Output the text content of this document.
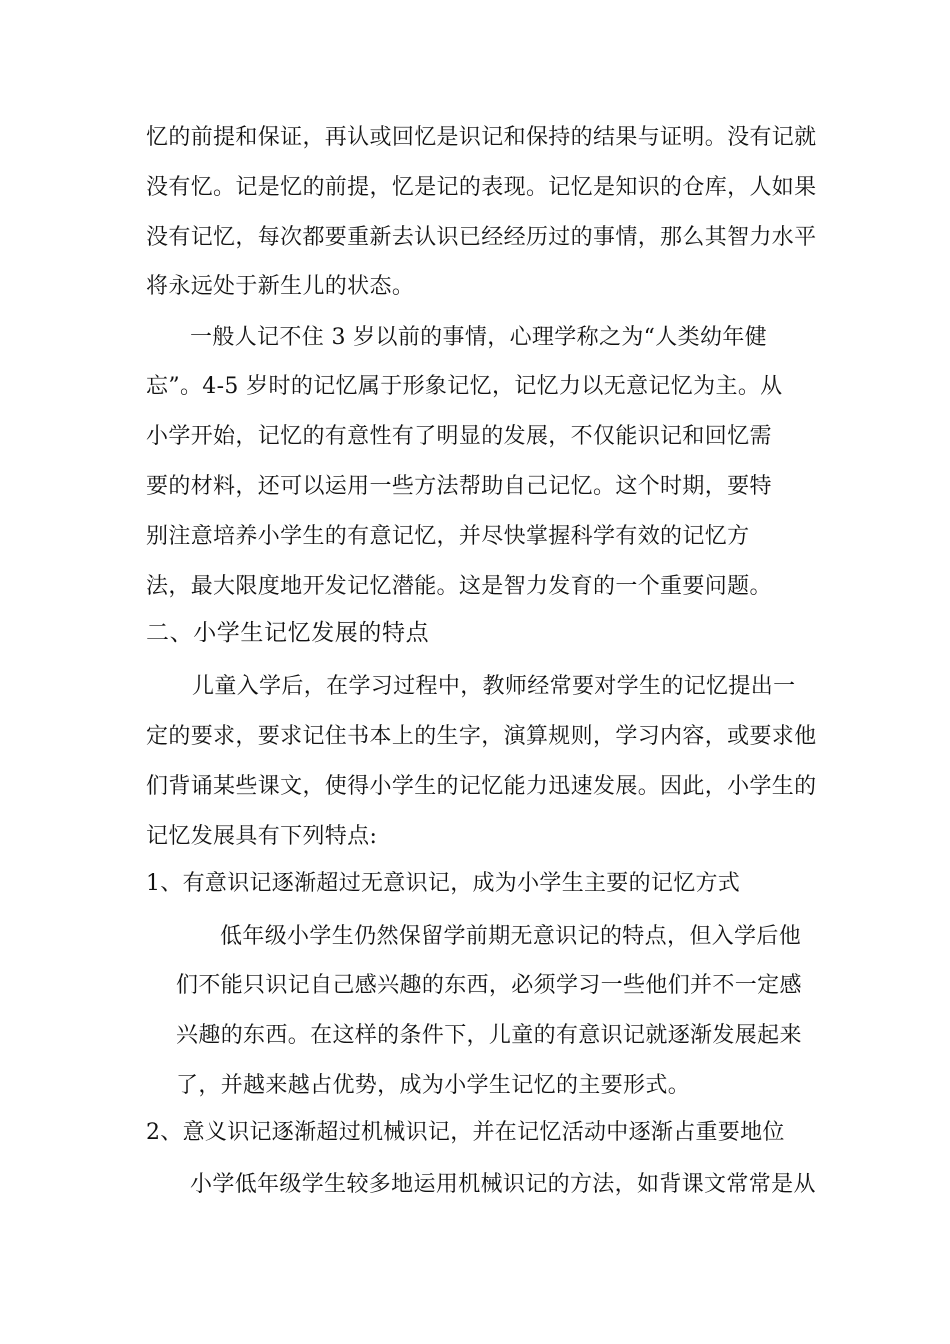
忆的前提和保证，再认或回忆是识记和保持的结果与证明。没有记就
没有忆。记是忆的前提，忆是记的表现。记忆是知识的仓库，人如果
没有记忆，每次都要重新去认识已经经历过的事情，那么其智力水平
将永远处于新生儿的状态。
一般人记不住 3 岁以前的事情，心理学称之为“人类幼年健
忘”。4-5 岁时的记忆属于形象记忆，记忆力以无意记忆为主。从
小学开始，记忆的有意性有了明显的发展，不仅能识记和回忆需
要的材料，还可以运用一些方法帮助自己记忆。这个时期，要特
别注意培养小学生的有意记忆，并尽快掌握科学有效的记忆方
法，最大限度地开发记忆潜能。这是智力发育的一个重要问题。
二、小学生记忆发展的特点
儿童入学后，在学习过程中，教师经常要对学生的记忆提出一
定的要求，要求记住书本上的生字，演算规则，学习内容，或要求他
们背诵某些课文，使得小学生的记忆能力迅速发展。因此，小学生的
记忆发展具有下列特点:
1、有意识记逐渐超过无意识记，成为小学生主要的记忆方式
低年级小学生仍然保留学前期无意识记的特点，但入学后他
们不能只识记自己感兴趣的东西，必须学习一些他们并不一定感
兴趣的东西。在这样的条件下，儿童的有意识记就逐渐发展起来
了，并越来越占优势，成为小学生记忆的主要形式。
2、意义识记逐渐超过机械识记，并在记忆活动中逐渐占重要地位
小学低年级学生较多地运用机械识记的方法，如背课文常常是从
